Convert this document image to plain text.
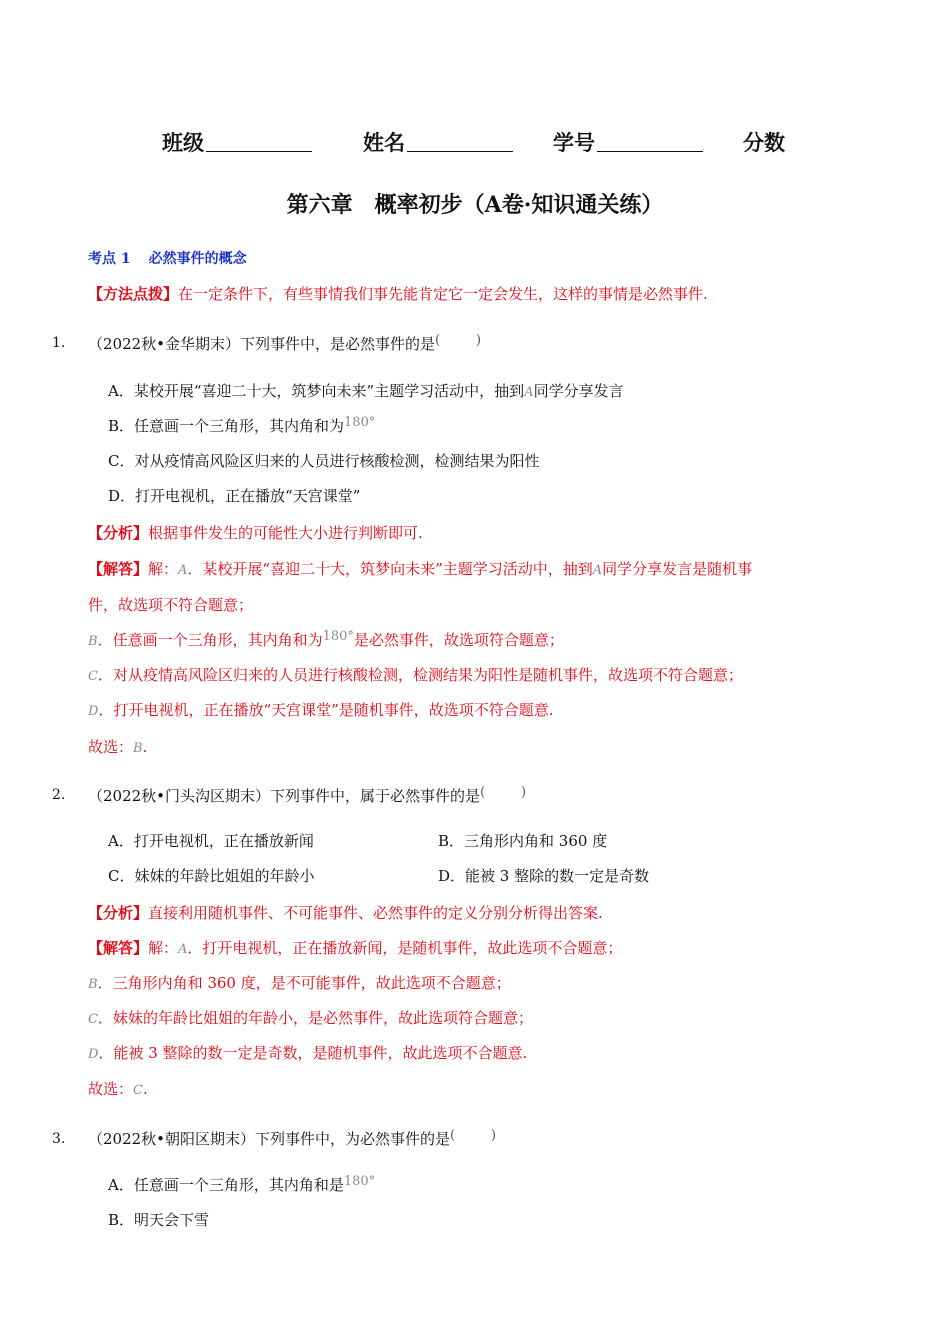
班级	姓名	学号	分数
第六章　概率初步（A卷·知识通关练）
考点 1 必然事件的概念
【方法点拨】在一定条件下，有些事情我们事先能肯定它一定会发生，这样的事情是必然事件.
1. （2022秋•金华期末）下列事件中，是必然事件的是(	)
A．某校开展“喜迎二十大，筑梦向未来”主题学习活动中，抽到A同学分享发言
B．任意画一个三角形，其内角和为180°
C．对从疫情高风险区归来的人员进行核酸检测，检测结果为阳性
D．打开电视机，正在播放“天宫课堂”
【分析】根据事件发生的可能性大小进行判断即可.
【解答】解：A．某校开展“喜迎二十大，筑梦向未来”主题学习活动中，抽到A同学分享发言是随机事
件，故选项不符合题意；
B．任意画一个三角形，其内角和为180°是必然事件，故选项符合题意；
C．对从疫情高风险区归来的人员进行核酸检测，检测结果为阳性是随机事件，故选项不符合题意；
D．打开电视机，正在播放“天宫课堂”是随机事件，故选项不符合题意.
故选：B.
2. （2022秋•门头沟区期末）下列事件中，属于必然事件的是(	)
A．打开电视机，正在播放新闻	B．三角形内角和 360 度
C．妹妹的年龄比姐姐的年龄小	D．能被 3 整除的数一定是奇数
【分析】直接利用随机事件、不可能事件、必然事件的定义分别分析得出答案.
【解答】解：A．打开电视机，正在播放新闻，是随机事件，故此选项不合题意；
B．三角形内角和 360 度，是不可能事件，故此选项不合题意；
C．妹妹的年龄比姐姐的年龄小，是必然事件，故此选项符合题意；
D．能被 3 整除的数一定是奇数，是随机事件，故此选项不合题意.
故选：C.
3. （2022秋•朝阳区期末）下列事件中，为必然事件的是(	)
A．任意画一个三角形，其内角和是180°
B．明天会下雪
